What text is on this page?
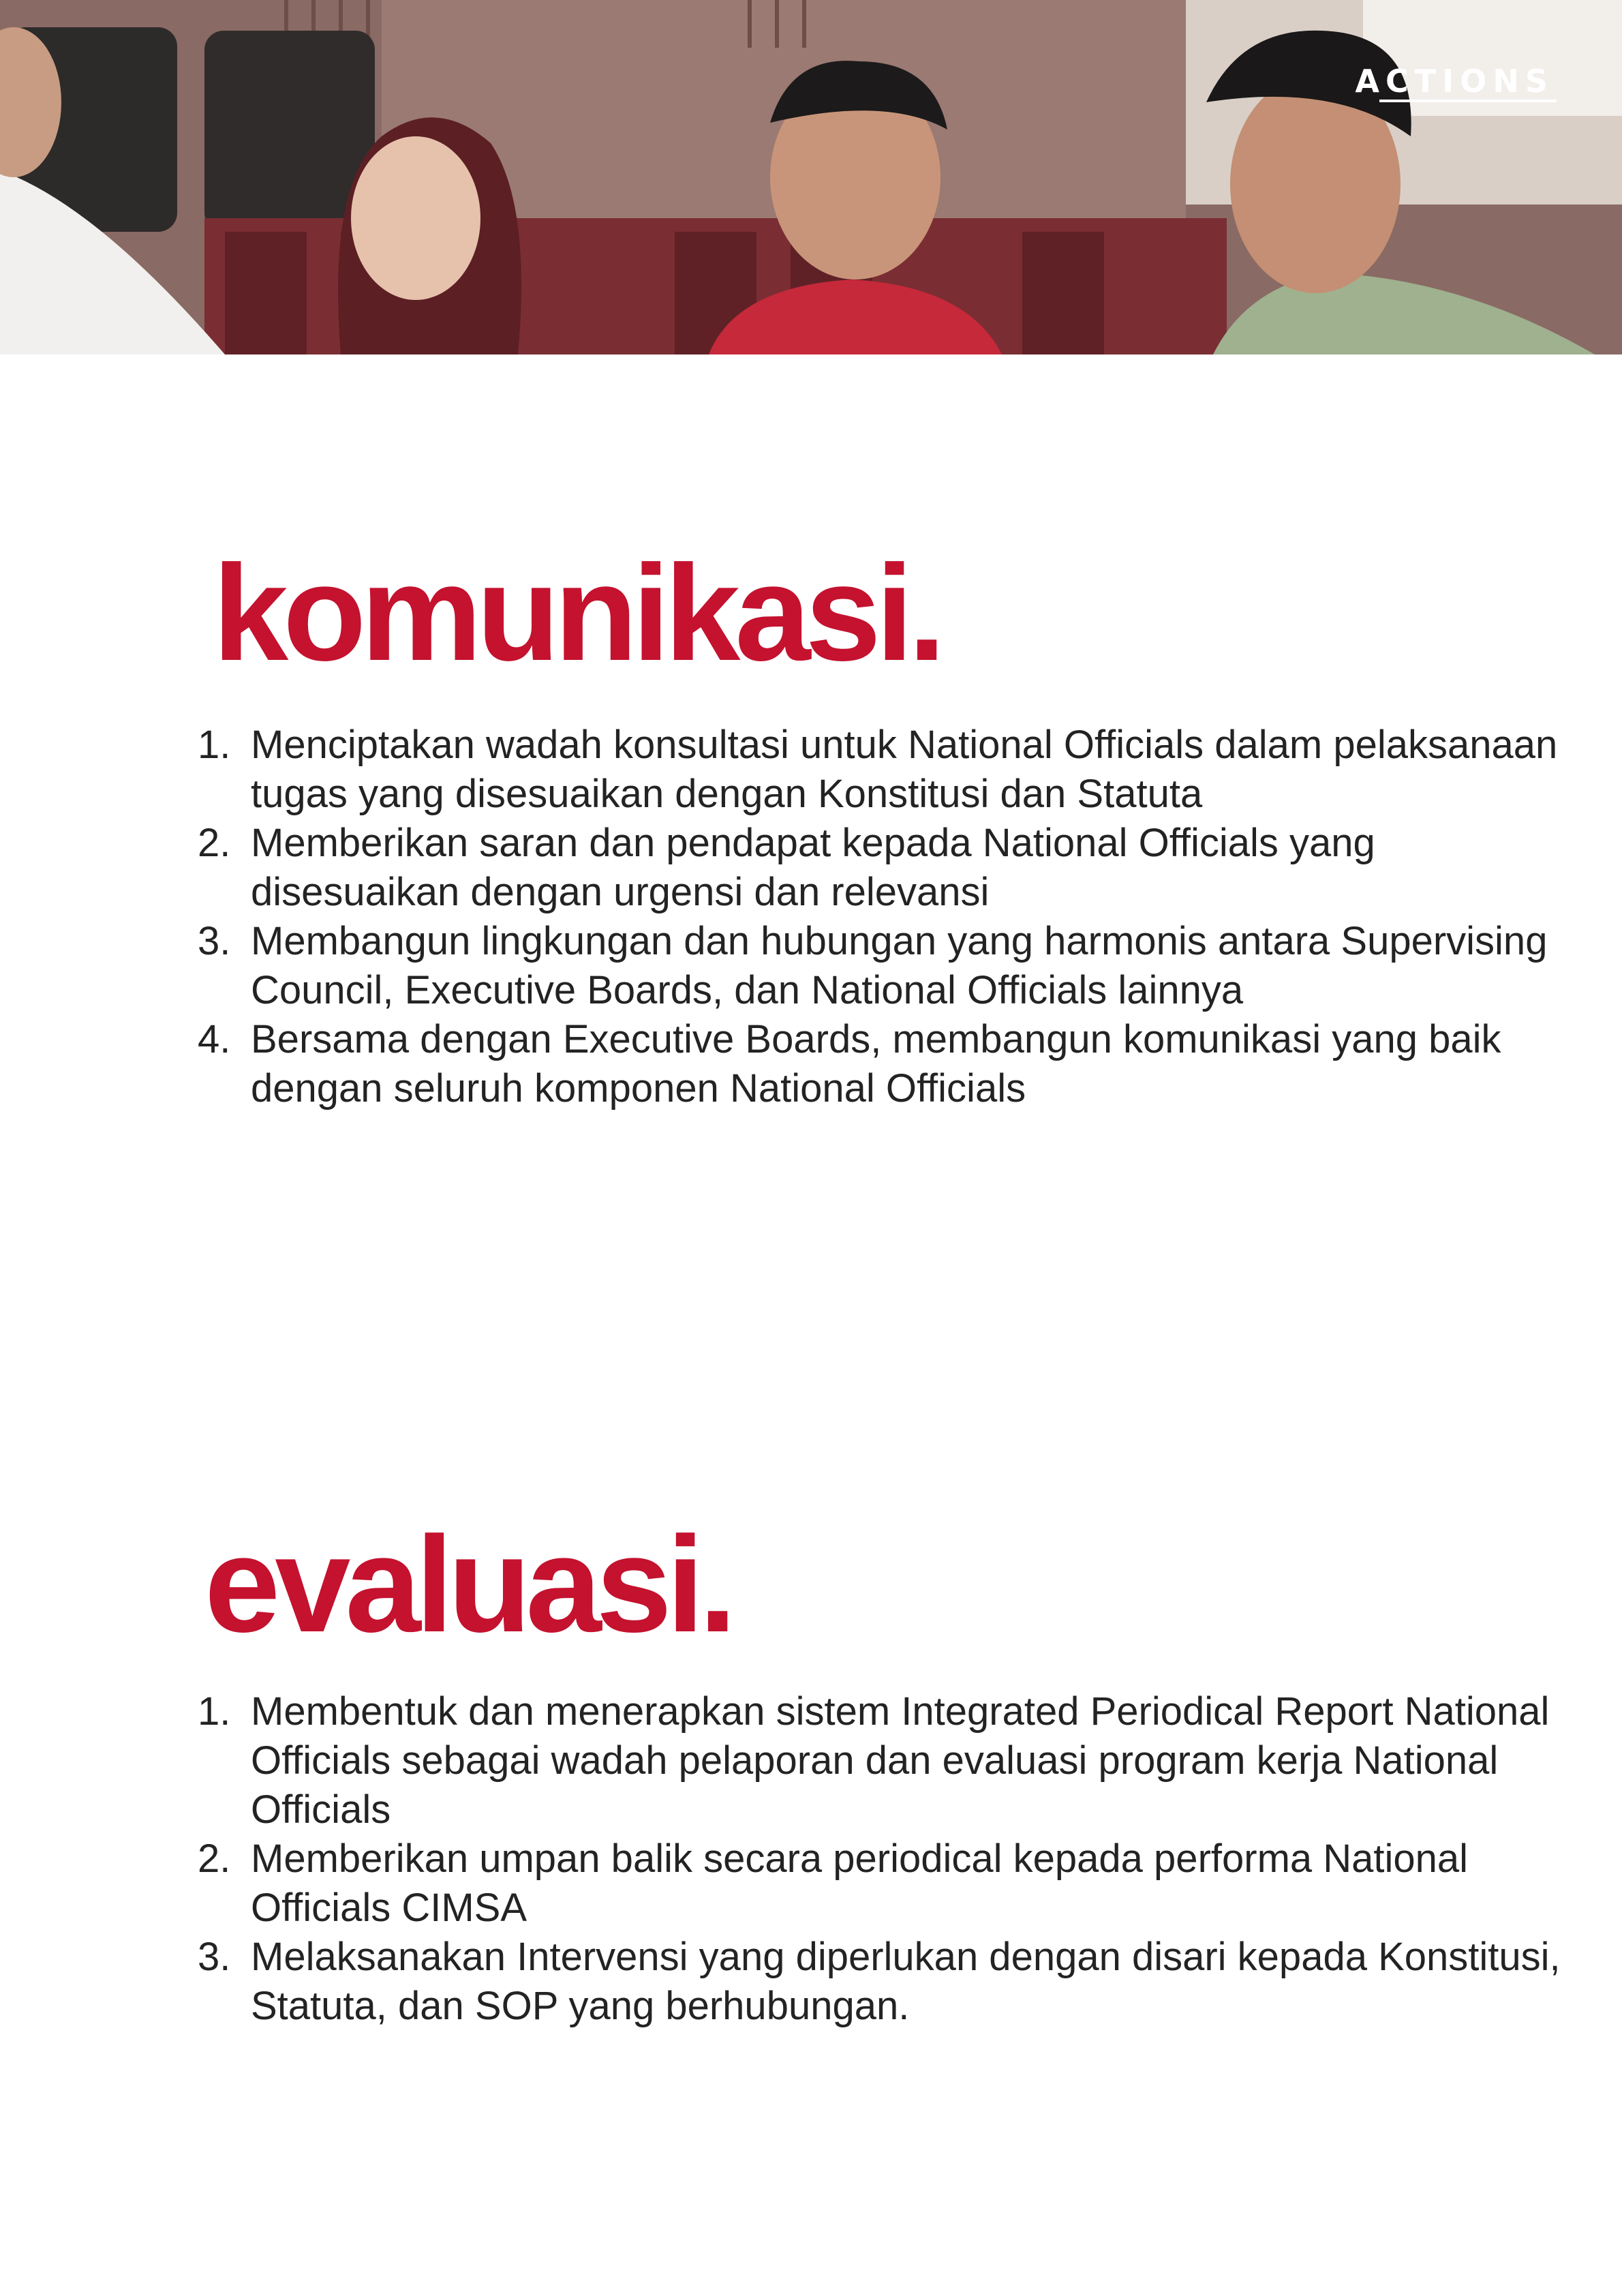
ACTIONS
komunikasi.
1. Menciptakan wadah konsultasi untuk National Officials dalam pelaksanaan tugas yang disesuaikan dengan Konstitusi dan Statuta
2. Memberikan saran dan pendapat kepada National Officials yang disesuaikan dengan urgensi dan relevansi
3. Membangun lingkungan dan hubungan yang harmonis antara Supervising Council, Executive Boards, dan National Officials lainnya
4. Bersama dengan Executive Boards, membangun komunikasi yang baik dengan seluruh komponen National Officials
evaluasi.
1. Membentuk dan menerapkan sistem Integrated Periodical Report National Officials sebagai wadah pelaporan dan evaluasi program kerja National Officials
2. Memberikan umpan balik secara periodical kepada performa National Officials CIMSA
3. Melaksanakan Intervensi yang diperlukan dengan disari kepada Konstitusi, Statuta, dan SOP yang berhubungan.
